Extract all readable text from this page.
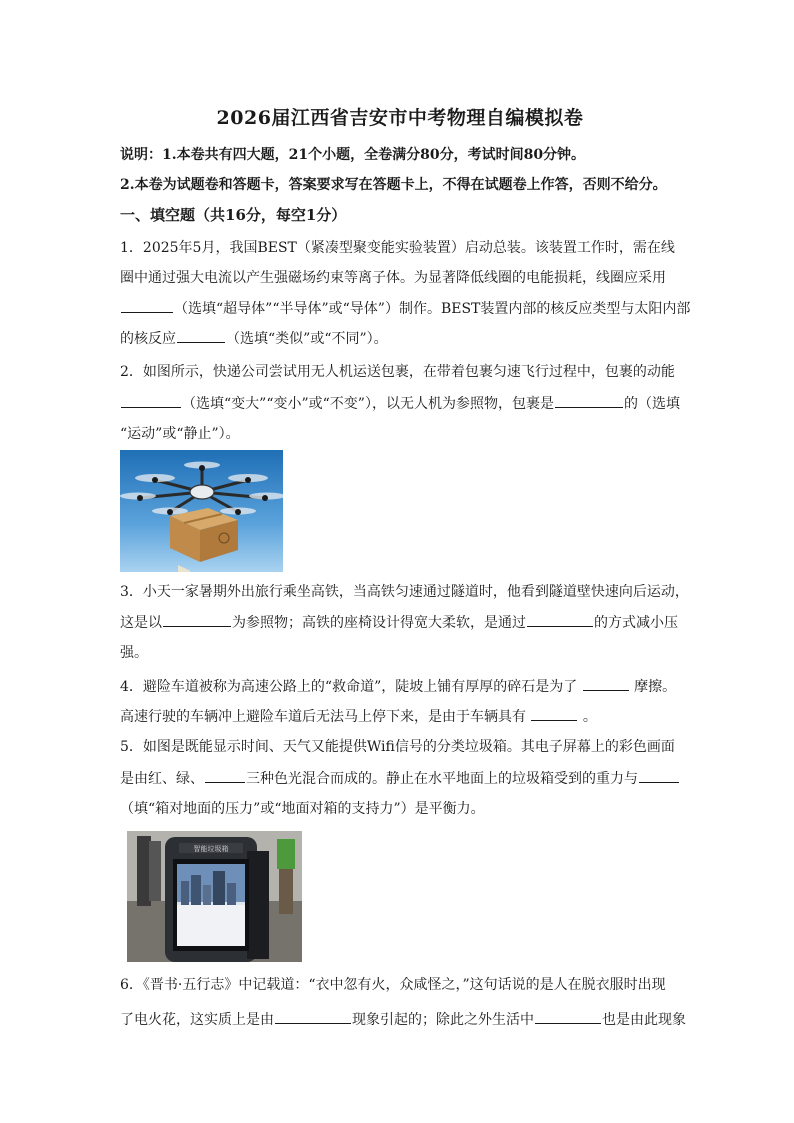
2026届江西省吉安市中考物理自编模拟卷
说明：1.本卷共有四大题，21个小题，全卷满分80分，考试时间80分钟。
2.本卷为试题卷和答题卡，答案要求写在答题卡上，不得在试题卷上作答，否则不给分。
一、填空题（共16分，每空1分）
1．2025年5月，我国BEST（紧凑型聚变能实验装置）启动总装。该装置工作时，需在线
圈中通过强大电流以产生强磁场约束等离子体。为显著降低线圈的电能损耗，线圈应采用
（选填“超导体”“半导体”或“导体”）制作。BEST装置内部的核反应类型与太阳内部
的核反应	（选填“类似”或“不同”）。
2．如图所示，快递公司尝试用无人机运送包裹，在带着包裹匀速飞行过程中，包裹的动能
（选填“变大”“变小”或“不变”），以无人机为参照物，包裹是	的（选填
“运动”或“静止”）。
3．小天一家暑期外出旅行乘坐高铁，当高铁匀速通过隧道时，他看到隧道壁快速向后运动，
这是以	为参照物；高铁的座椅设计得宽大柔软，是通过	的方式减小压
强。
4．避险车道被称为高速公路上的“救命道”，陡坡上铺有厚厚的碎石是为了	摩擦。
高速行驶的车辆冲上避险车道后无法马上停下来，是由于车辆具有	。
5．如图是既能显示时间、天气又能提供Wifi信号的分类垃圾箱。其电子屏幕上的彩色画面
是由红、绿、	三种色光混合而成的。静止在水平地面上的垃圾箱受到的重力与
（填“箱对地面的压力”或“地面对箱的支持力”）是平衡力。
智能垃圾箱
6．《晋书·五行志》中记载道：“衣中忽有火，众咸怪之，”这句话说的是人在脱衣服时出现
了电火花，这实质上是由	现象引起的；除此之外生活中	也是由此现象
